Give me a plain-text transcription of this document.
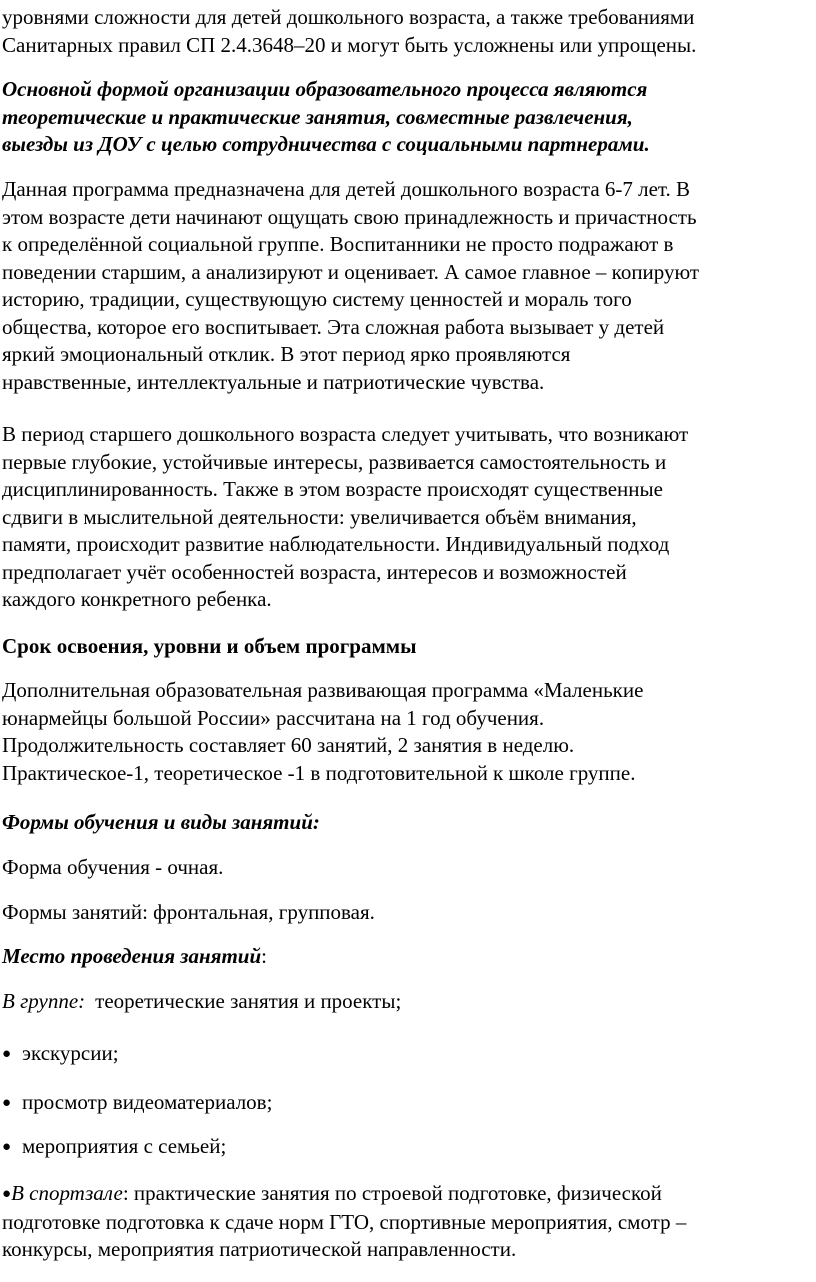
уровнями сложности для детей дошкольного возраста, а также требованиями
Санитарных правил СП 2.4.3648–20 и могут быть усложнены или упрощены.

Основной формой организации образовательного процесса являются
теоретические и практические занятия, совместные развлечения,
выезды из ДОУ с целью сотрудничества с социальными партнерами.

Данная программа предназначена для детей дошкольного возраста 6-7 лет. В
этом возрасте дети начинают ощущать свою принадлежность и причастность
к определённой социальной группе. Воспитанники не просто подражают в
поведении старшим, а анализируют и оценивает. А самое главное – копируют
историю, традиции, существующую систему ценностей и мораль того
общества, которое его воспитывает. Эта сложная работа вызывает у детей
яркий эмоциональный отклик. В этот период ярко проявляются
нравственные, интеллектуальные и патриотические чувства.

В период старшего дошкольного возраста следует учитывать, что возникают
первые глубокие, устойчивые интересы, развивается самостоятельность и
дисциплинированность. Также в этом возрасте происходят существенные
сдвиги в мыслительной деятельности: увеличивается объём внимания,
памяти, происходит развитие наблюдательности. Индивидуальный подход
предполагает учёт особенностей возраста, интересов и возможностей
каждого конкретного ребенка.

Срок освоения, уровни и объем программы

Дополнительная образовательная развивающая программа «Маленькие
юнармейцы большой России» рассчитана на 1 год обучения.
Продолжительность составляет 60 занятий, 2 занятия в неделю.
Практическое-1, теоретическое -1 в подготовительной к школе группе.

Формы обучения и виды занятий:

Форма обучения - очная.

Формы занятий: фронтальная, групповая.

Место проведения занятий:

В группе: теоретические занятия и проекты;

● экскурсии;

● просмотр видеоматериалов;

● мероприятия с семьей;

●В спортзале: практические занятия по строевой подготовке, физической
подготовке подготовка к сдаче норм ГТО, спортивные мероприятия, смотр –
конкурсы, мероприятия патриотической направленности.
